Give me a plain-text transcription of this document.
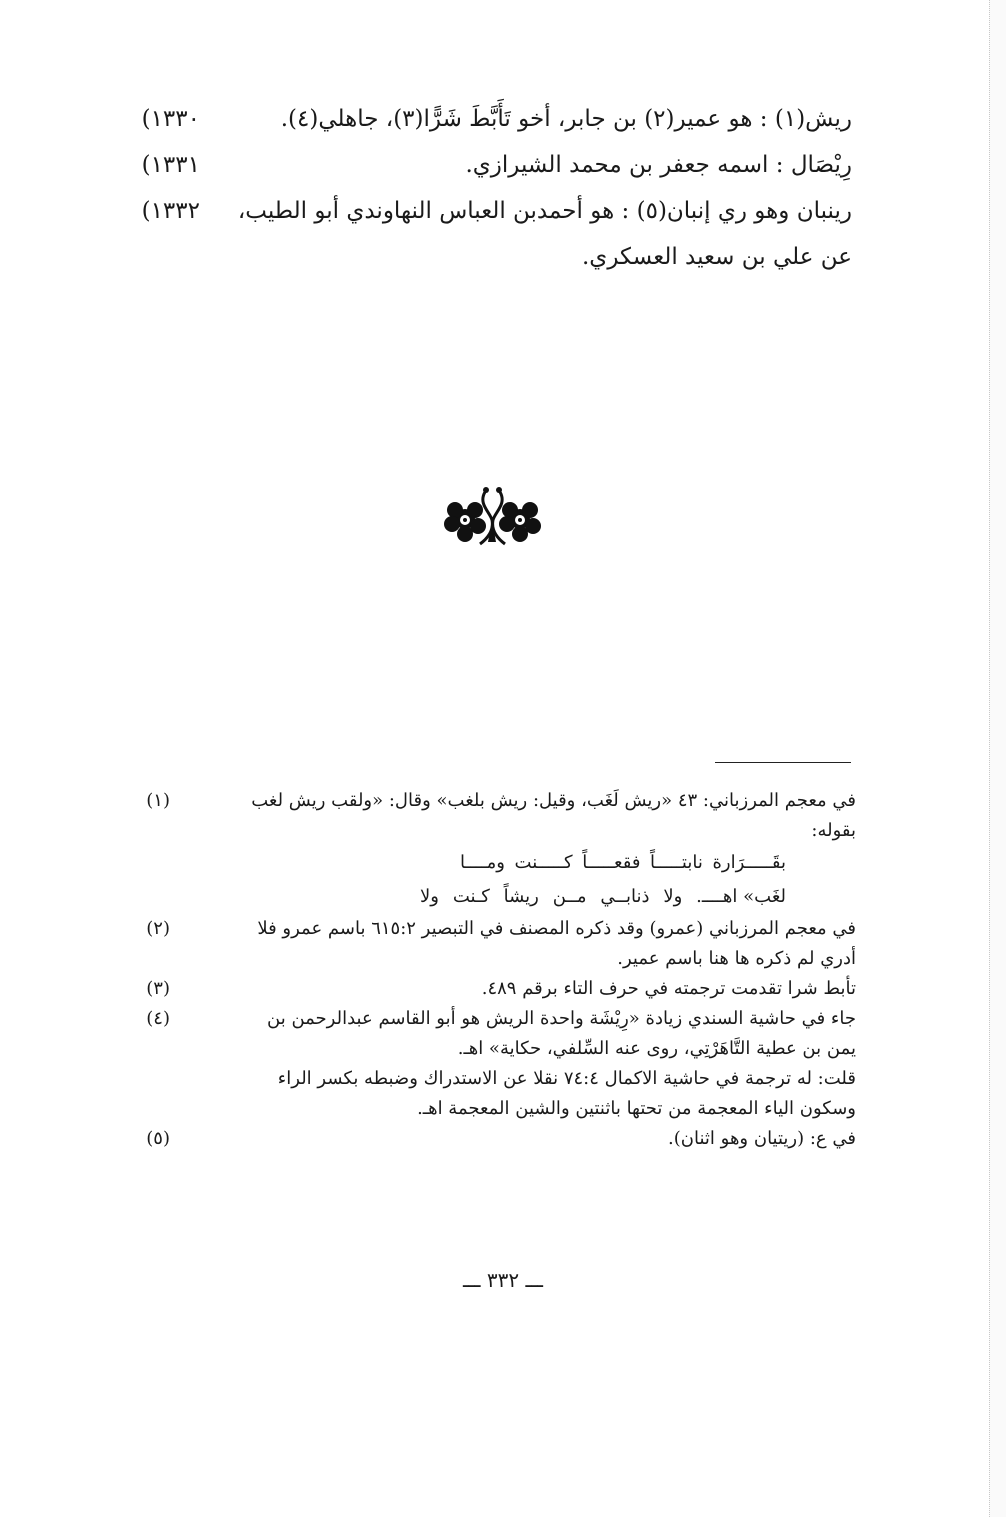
١٣٣٠)	ريش(١) : هو عمير(٢) بن جابر، أخو تَأَبَّطَ شَرًّا(٣)، جاهلي(٤).
١٣٣١)	رِيْصَال : اسمه جعفر بن محمد الشيرازي.
١٣٣٢)	رينبان وهو ري إنبان(٥) : هو أحمدبن العباس النهاوندي أبو الطيب،
عن علي بن سعيد العسكري.
(١)	في معجم المرزباني: ٤٣ «ريش لَغَب، وقيل: ريش بلغب» وقال: «ولقب ريش لغب
بقوله:
ومــــا كـــــنت فقعـــــاً نابتـــــاً بقَـــــرَارة
ولا كـنت ريشاً مــن ذنابــي ولا لغَب» اهــــ.
(٢)	في معجم المرزباني (عمرو) وقد ذكره المصنف في التبصير ٦١٥:٢ باسم عمرو فلا
أدري لم ذكره ها هنا باسم عمير.
(٣)	تأبط شرا تقدمت ترجمته في حرف التاء برقم ٤٨٩.
(٤)	جاء في حاشية السندي زيادة «رِيْشَة واحدة الريش هو أبو القاسم عبدالرحمن بن
يمن بن عطية التَّاهَرْتِي، روى عنه السِّلفي، حكاية» اهـ.
قلت: له ترجمة في حاشية الاكمال ٧٤:٤ نقلا عن الاستدراك وضبطه بكسر الراء
وسكون الياء المعجمة من تحتها باثنتين والشين المعجمة اهـ.
(٥)	في ع: (ريتيان وهو اثنان).
ـــ ٣٣٢ ـــ
